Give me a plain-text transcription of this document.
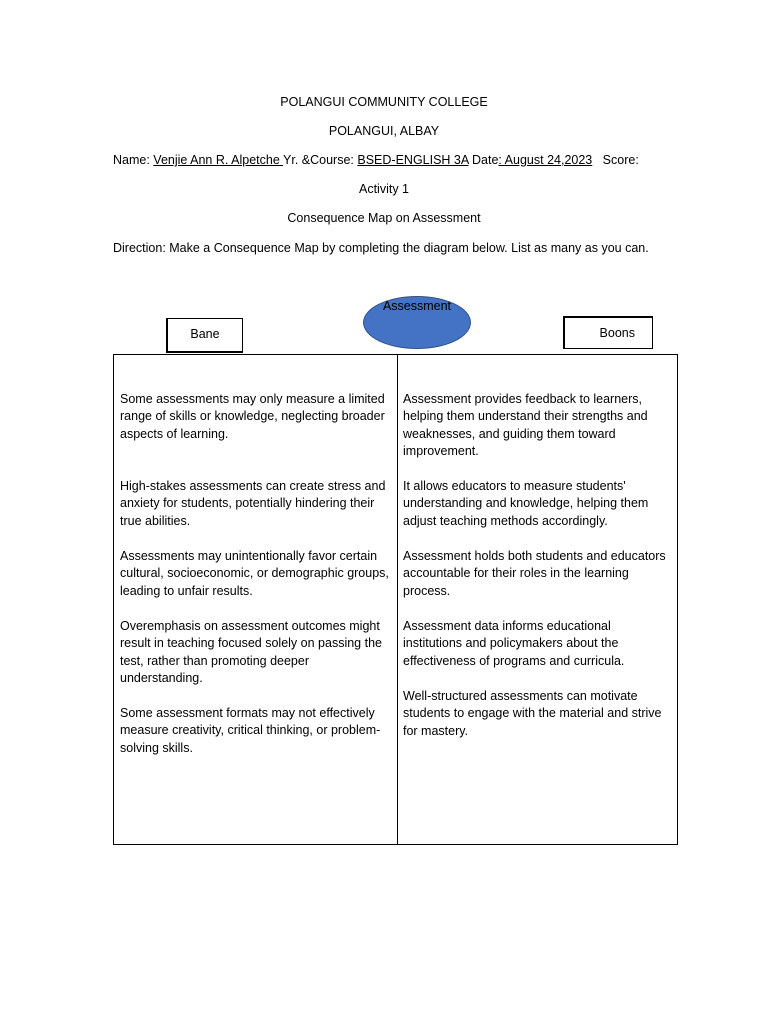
POLANGUI COMMUNITY COLLEGE
POLANGUI, ALBAY
Name: Venjie Ann R. Alpetche Yr. &Course: BSED-ENGLISH 3A Date: August 24,2023   Score:
Activity 1
Consequence Map on Assessment
Direction: Make a Consequence Map by completing the diagram below. List as many as you can.
Bane
Assessment
Boons

Some assessments may only measure a limited range of skills or knowledge, neglecting broader aspects of learning.

High-stakes assessments can create stress and anxiety for students, potentially hindering their true abilities.

Assessments may unintentionally favor certain cultural, socioeconomic, or demographic groups, leading to unfair results.

Overemphasis on assessment outcomes might result in teaching focused solely on passing the test, rather than promoting deeper understanding.

Some assessment formats may not effectively measure creativity, critical thinking, or problem-solving skills.

Assessment provides feedback to learners, helping them understand their strengths and weaknesses, and guiding them toward improvement.

It allows educators to measure students' understanding and knowledge, helping them adjust teaching methods accordingly.

Assessment holds both students and educators accountable for their roles in the learning process.

Assessment data informs educational institutions and policymakers about the effectiveness of programs and curricula.

Well-structured assessments can motivate students to engage with the material and strive for mastery.
